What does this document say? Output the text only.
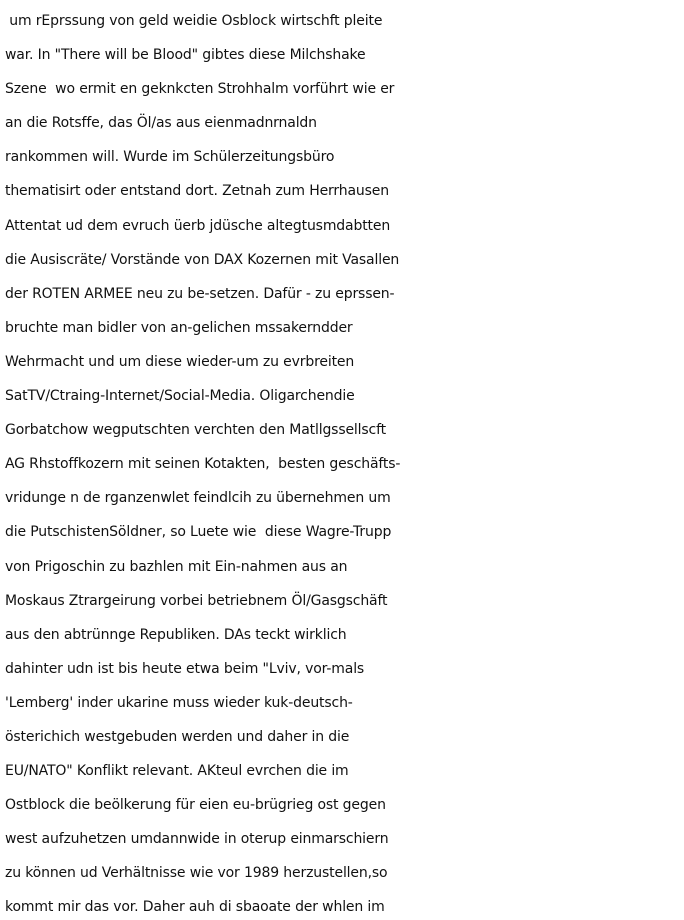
um rEprssung von geld weidie Osblock wirtschft pleite
war. In "There will be Blood" gibtes diese Milchshake
Szene  wo ermit en geknkcten Strohhalm vorführt wie er
an die Rotsffe, das Öl/as aus eienmadnrnaldn
rankommen will. Wurde im Schülerzeitungsbüro
thematisirt oder entstand dort. Zetnah zum Herrhausen
Attentat ud dem evruch üerb jdüsche altegtusmdabtten
die Ausiscräte/ Vorstände von DAX Kozernen mit Vasallen
der ROTEN ARMEE neu zu be-setzen. Dafür - zu eprssen-
bruchte man bidler von an-gelichen mssakerndder
Wehrmacht und um diese wieder-um zu evrbreiten
SatTV/Ctraing-Internet/Social-Media. Oligarchendie
Gorbatchow wegputschten verchten den Matllgssellscft
AG Rhstoffkozern mit seinen Kotakten,  besten geschäfts-
vridunge n de rganzenwlet feindlcih zu übernehmen um
die PutschistenSöldner, so Luete wie  diese Wagre-Trupp
von Prigoschin zu bazhlen mit Ein-nahmen aus an
Moskaus Ztrargeirung vorbei betriebnem Öl/Gasgschäft
aus den abtrünnge Republiken. DAs teckt wirklich
dahinter udn ist bis heute etwa beim "Lviv, vor-mals
'Lemberg' inder ukarine muss wieder kuk-deutsch-
österichich westgebuden werden und daher in die
EU/NATO" Konflikt relevant. AKteul evrchen die im
Ostblock die beölkerung für eien eu-brügrieg ost gegen
west aufzuhetzen umdannwide in oterup einmarschiern
zu können ud Verhältnisse wie vor 1989 herzustellen,so
kommt mir das vor. Daher auh di sbaoate der whlen im
